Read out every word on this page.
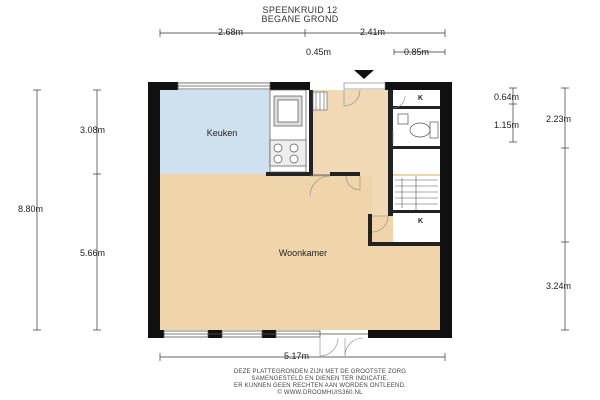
SPEENKRUID 12
BEGANE GROND
Keuken
Woonkamer
K
K
2.68m	2.41m
0.45m	0.85m
8.80m
3.08m
5.66m
0.64m
1.15m
2.23m
3.24m
5.17m
DEZE PLATTEGRONDEN ZIJN MET DE GROOTSTE ZORG
SAMENGESTELD EN DIENEN TER INDICATIE.
ER KUNNEN GEEN RECHTEN AAN WORDEN ONTLEEND.
© WWW.DROOMHUIS360.NL
